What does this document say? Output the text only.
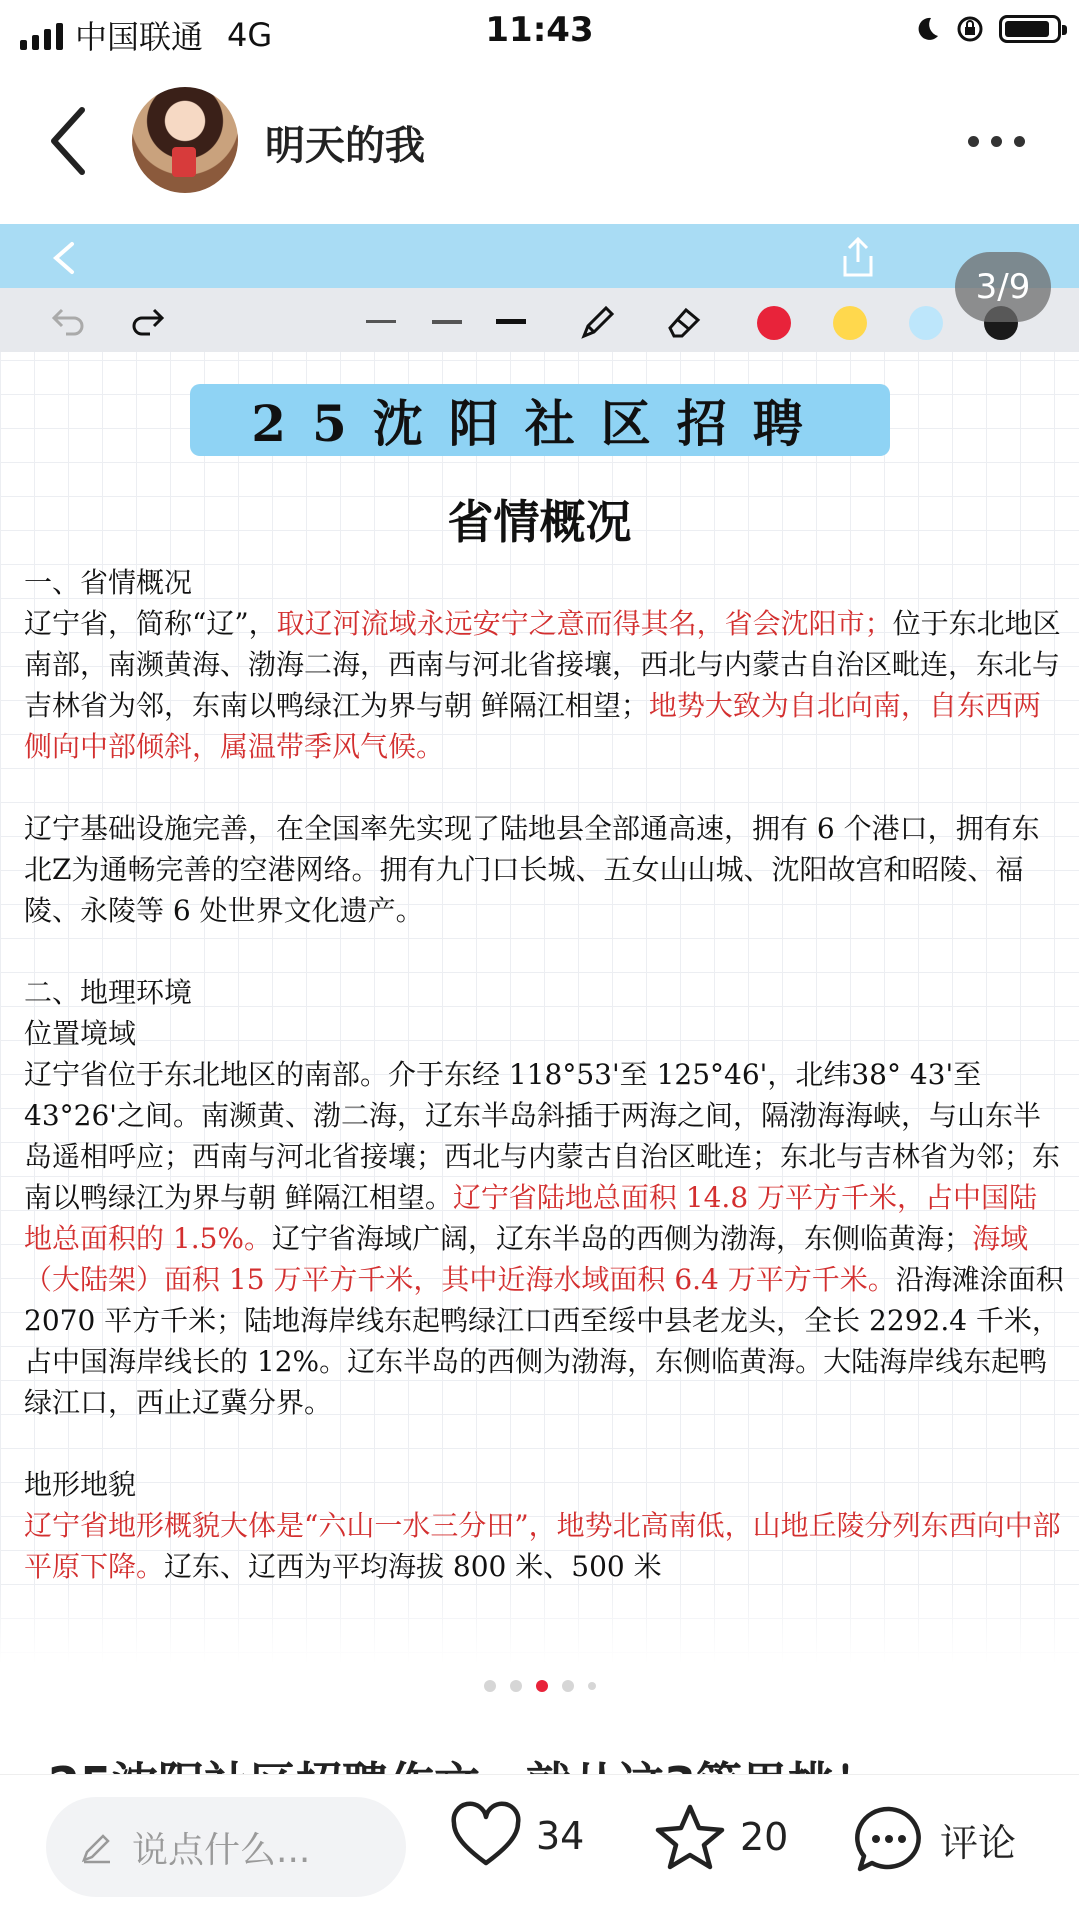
中国联通 4G	11:43
明天的我
3/9
25沈阳社区招聘
省情概况
一、省情概况

辽宁省，简称“辽”，取辽河流域永远安宁之意而得其名，省会沈阳市；位于东北地区南部，南濒黄海、渤海二海，西南与河北省接壤，西北与内蒙古自治区毗连，东北与吉林省为邻，东南以鸭绿江为界与朝 鲜隔江相望；地势大致为自北向南，自东西两侧向中部倾斜，属温带季风气候。

辽宁基础设施完善，在全国率先实现了陆地县全部通高速，拥有 6 个港口，拥有东北Z为通畅完善的空港网络。拥有九门口长城、五女山山城、沈阳故宫和昭陵、福陵、永陵等 6 处世界文化遗产。

二、地理环境
位置境域

辽宁省位于东北地区的南部。介于东经 118°53'至 125°46'，北纬38° 43'至 43°26'之间。南濒黄、渤二海，辽东半岛斜插于两海之间，隔渤海海峡，与山东半岛遥相呼应；西南与河北省接壤；西北与内蒙古自治区毗连；东北与吉林省为邻；东南以鸭绿江为界与朝 鲜隔江相望。辽宁省陆地总面积 14.8 万平方千米，占中国陆地总面积的 1.5%。辽宁省海域广阔，辽东半岛的西侧为渤海，东侧临黄海；海域（大陆架）面积 15 万平方千米，其中近海水域面积 6.4 万平方千米。沿海滩涂面积 2070 平方千米；陆地海岸线东起鸭绿江口西至绥中县老龙头，全长 2292.4 千米，占中国海岸线长的 12%。辽东半岛的西侧为渤海，东侧临黄海。大陆海岸线东起鸭绿江口，西止辽冀分界。

地形地貌
辽宁省地形概貌大体是“六山一水三分田”，地势北高南低，山地丘陵分列东西向中部平原下降。辽东、辽西为平均海拔 800 米、500 米
说点什么...	34	20	评论
